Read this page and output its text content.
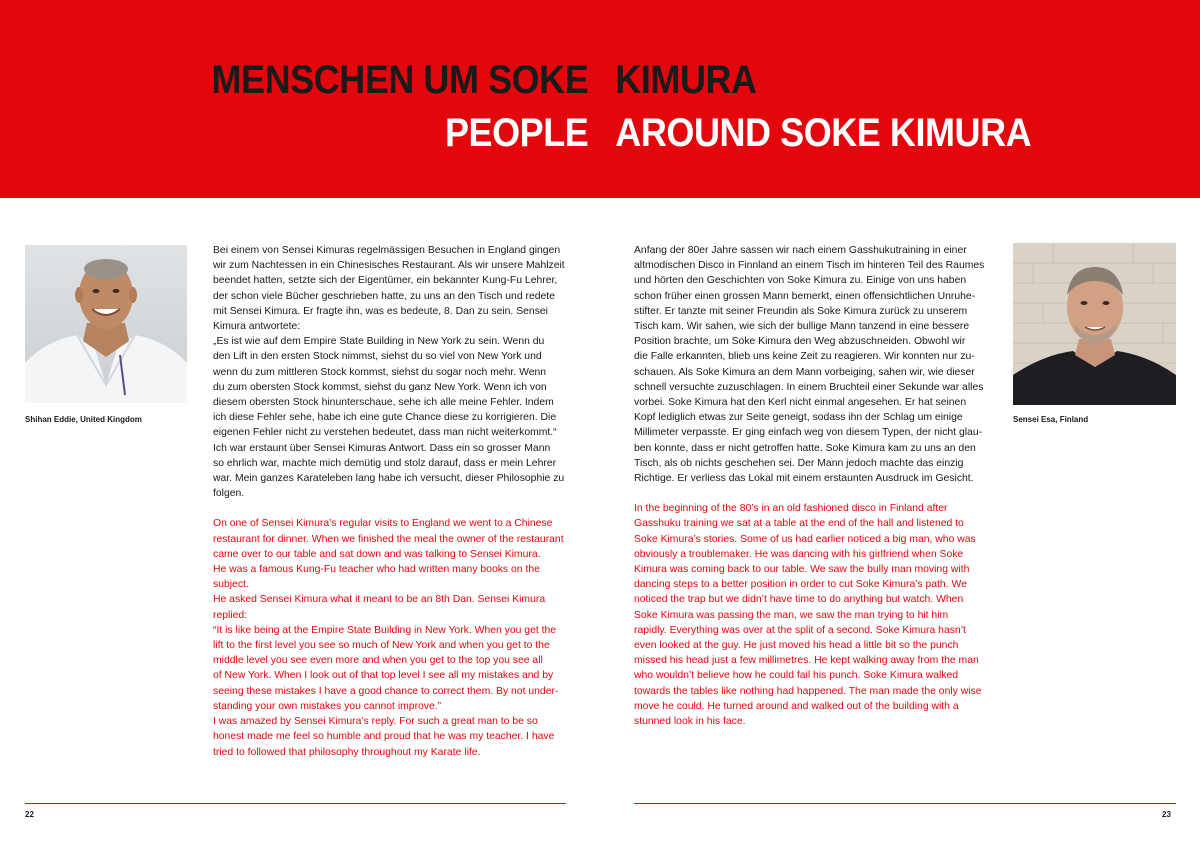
MENSCHEN UM SOKE KIMURA
PEOPLE AROUND SOKE KIMURA
Shihan Eddie, United Kingdom

Bei einem von Sensei Kimuras regelmässigen Besuchen in England gingen
wir zum Nachtessen in ein Chinesisches Restaurant. Als wir unsere Mahlzeit
beendet hatten, setzte sich der Eigentümer, ein bekannter Kung-Fu Lehrer,
der schon viele Bücher geschrieben hatte, zu uns an den Tisch und redete
mit Sensei Kimura. Er fragte ihn, was es bedeute, 8. Dan zu sein. Sensei
Kimura antwortete:
„Es ist wie auf dem Empire State Building in New York zu sein. Wenn du
den Lift in den ersten Stock nimmst, siehst du so viel von New York und
wenn du zum mittleren Stock kommst, siehst du sogar noch mehr. Wenn
du zum obersten Stock kommst, siehst du ganz New York. Wenn ich von
diesem obersten Stock hinunterschaue, sehe ich alle meine Fehler. Indem
ich diese Fehler sehe, habe ich eine gute Chance diese zu korrigieren. Die
eigenen Fehler nicht zu verstehen bedeutet, dass man nicht weiterkommt.“
Ich war erstaunt über Sensei Kimuras Antwort. Dass ein so grosser Mann
so ehrlich war, machte mich demütig und stolz darauf, dass er mein Lehrer
war. Mein ganzes Karateleben lang habe ich versucht, dieser Philosophie zu
folgen.

On one of Sensei Kimura’s regular visits to England we went to a Chinese
restaurant for dinner. When we finished the meal the owner of the restaurant
came over to our table and sat down and was talking to Sensei Kimura.
He was a famous Kung-Fu teacher who had written many books on the
subject.
He asked Sensei Kimura what it meant to be an 8th Dan. Sensei Kimura
replied:
“It is like being at the Empire State Building in New York. When you get the
lift to the first level you see so much of New York and when you get to the
middle level you see even more and when you get to the top you see all
of New York. When I look out of that top level I see all my mistakes and by
seeing these mistakes I have a good chance to correct them. By not under-
standing your own mistakes you cannot improve.”
I was amazed by Sensei Kimura’s reply. For such a great man to be so
honest made me feel so humble and proud that he was my teacher. I have
tried to followed that philosophy throughout my Karate life.

Anfang der 80er Jahre sassen wir nach einem Gasshukutraining in einer
altmodischen Disco in Finnland an einem Tisch im hinteren Teil des Raumes
und hörten den Geschichten von Soke Kimura zu. Einige von uns haben
schon früher einen grossen Mann bemerkt, einen offensichtlichen Unruhe-
stifter. Er tanzte mit seiner Freundin als Soke Kimura zurück zu unserem
Tisch kam. Wir sahen, wie sich der bullige Mann tanzend in eine bessere
Position brachte, um Soke Kimura den Weg abzuschneiden. Obwohl wir
die Falle erkannten, blieb uns keine Zeit zu reagieren. Wir konnten nur zu-
schauen. Als Soke Kimura an dem Mann vorbeiging, sahen wir, wie dieser
schnell versuchte zuzuschlagen. In einem Bruchteil einer Sekunde war alles
vorbei. Soke Kimura hat den Kerl nicht einmal angesehen. Er hat seinen
Kopf lediglich etwas zur Seite geneigt, sodass ihn der Schlag um einige
Millimeter verpasste. Er ging einfach weg von diesem Typen, der nicht glau-
ben konnte, dass er nicht getroffen hatte. Soke Kimura kam zu uns an den
Tisch, als ob nichts geschehen sei. Der Mann jedoch machte das einzig
Richtige. Er verliess das Lokal mit einem erstaunten Ausdruck im Gesicht.

In the beginning of the 80’s in an old fashioned disco in Finland after
Gasshuku training we sat at a table at the end of the hall and listened to
Soke Kimura’s stories. Some of us had earlier noticed a big man, who was
obviously a troublemaker. He was dancing with his girlfriend when Soke
Kimura was coming back to our table. We saw the bully man moving with
dancing steps to a better position in order to cut Soke Kimura’s path. We
noticed the trap but we didn’t have time to do anything but watch. When
Soke Kimura was passing the man, we saw the man trying to hit him
rapidly. Everything was over at the split of a second. Soke Kimura hasn’t
even looked at the guy. He just moved his head a little bit so the punch
missed his head just a few millimetres. He kept walking away from the man
who wouldn’t believe how he could fail his punch. Soke Kimura walked
towards the tables like nothing had happened. The man made the only wise
move he could. He turned around and walked out of the building with a
stunned look in his face.

Sensei Esa, Finland
22	23
